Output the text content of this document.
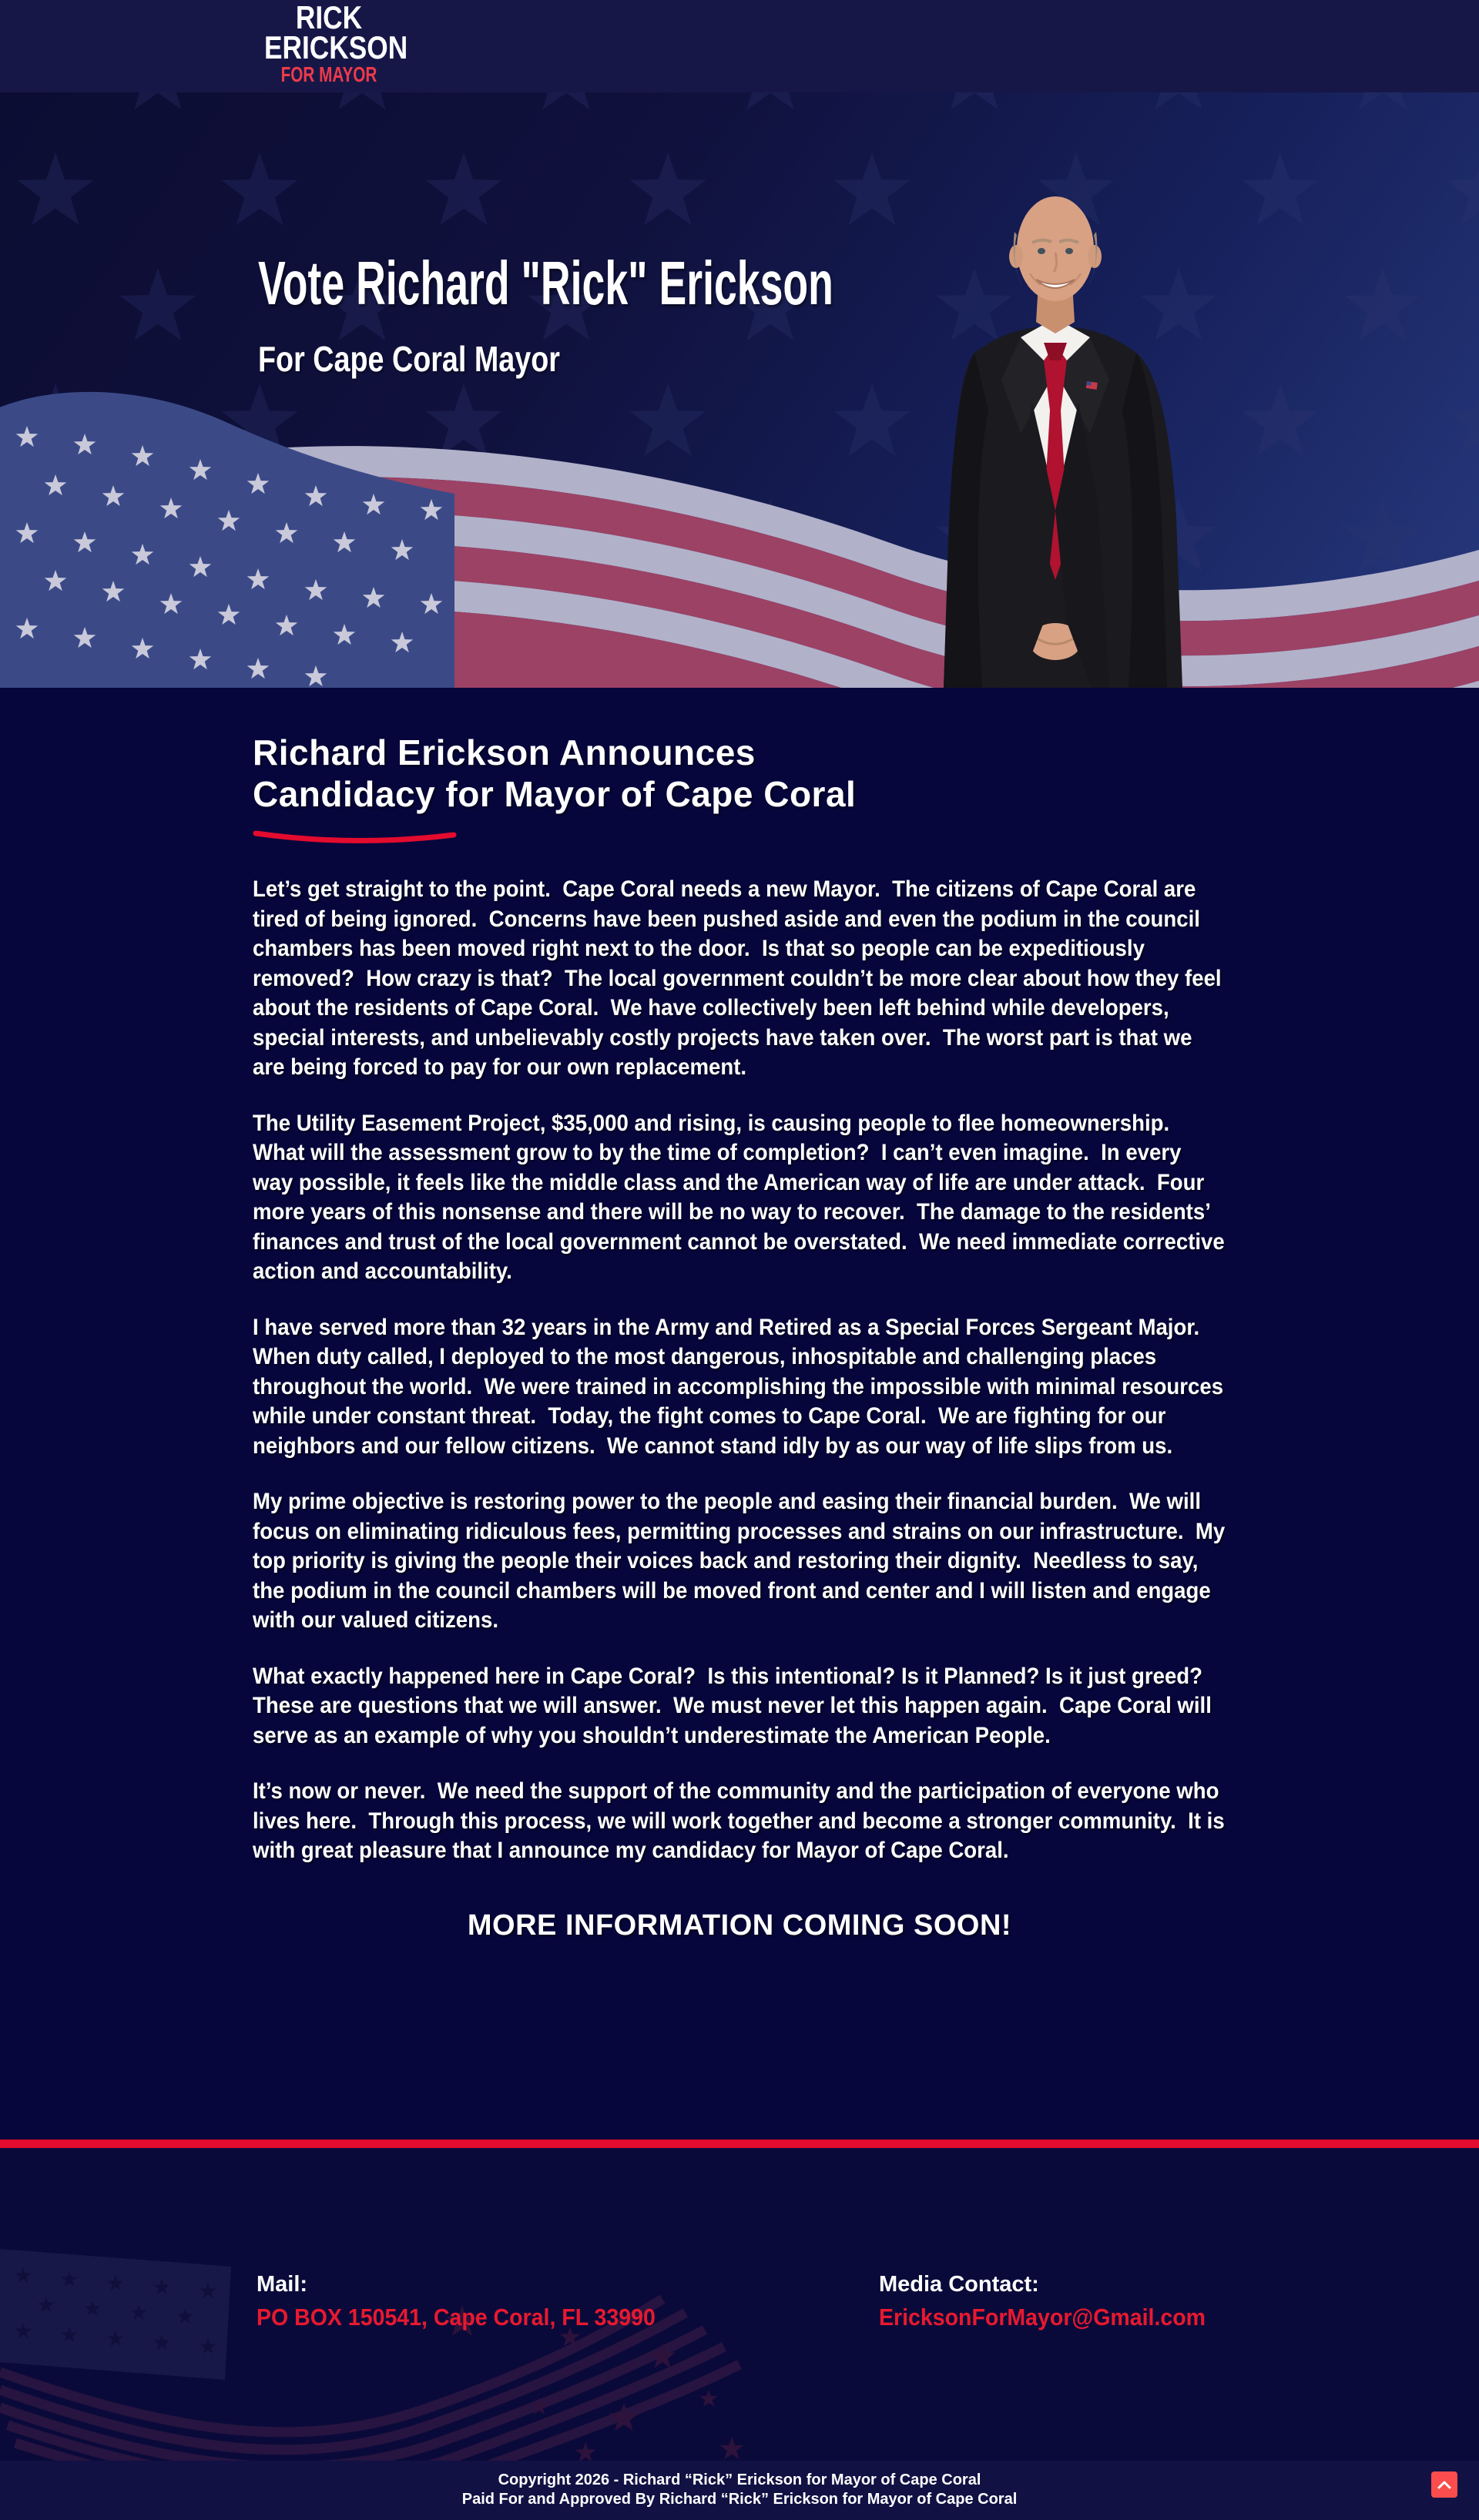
RICK
ERICKSON
FOR MAYOR
Vote Richard "Rick" Erickson
For Cape Coral Mayor
Richard Erickson Announces
Candidacy for Mayor of Cape Coral

Let’s get straight to the point.  Cape Coral needs a new Mayor.  The citizens of Cape Coral are tired of being ignored.  Concerns have been pushed aside and even the podium in the council chambers has been moved right next to the door.  Is that so people can be expeditiously removed?  How crazy is that?  The local government couldn’t be more clear about how they feel about the residents of Cape Coral.  We have collectively been left behind while developers, special interests, and unbelievably costly projects have taken over.  The worst part is that we are being forced to pay for our own replacement.

The Utility Easement Project, $35,000 and rising, is causing people to flee homeownership.  What will the assessment grow to by the time of completion?  I can’t even imagine.  In every way possible, it feels like the middle class and the American way of life are under attack.  Four more years of this nonsense and there will be no way to recover.  The damage to the residents’ finances and trust of the local government cannot be overstated.  We need immediate corrective action and accountability.

I have served more than 32 years in the Army and Retired as a Special Forces Sergeant Major.  When duty called, I deployed to the most dangerous, inhospitable and challenging places throughout the world.  We were trained in accomplishing the impossible with minimal resources while under constant threat.  Today, the fight comes to Cape Coral.  We are fighting for our neighbors and our fellow citizens.  We cannot stand idly by as our way of life slips from us.

My prime objective is restoring power to the people and easing their financial burden.  We will focus on eliminating ridiculous fees, permitting processes and strains on our infrastructure.  My top priority is giving the people their voices back and restoring their dignity.  Needless to say, the podium in the council chambers will be moved front and center and I will listen and engage with our valued citizens.

What exactly happened here in Cape Coral?  Is this intentional? Is it Planned? Is it just greed? These are questions that we will answer.  We must never let this happen again.  Cape Coral will serve as an example of why you shouldn’t underestimate the American People.

It’s now or never.  We need the support of the community and the participation of everyone who lives here.  Through this process, we will work together and become a stronger community.  It is with great pleasure that I announce my candidacy for Mayor of Cape Coral.

MORE INFORMATION COMING SOON!
Mail:
PO BOX 150541, Cape Coral, FL 33990
Media Contact:
EricksonForMayor@Gmail.com
Copyright 2026 - Richard “Rick” Erickson for Mayor of Cape Coral
Paid For and Approved By Richard “Rick” Erickson for Mayor of Cape Coral
